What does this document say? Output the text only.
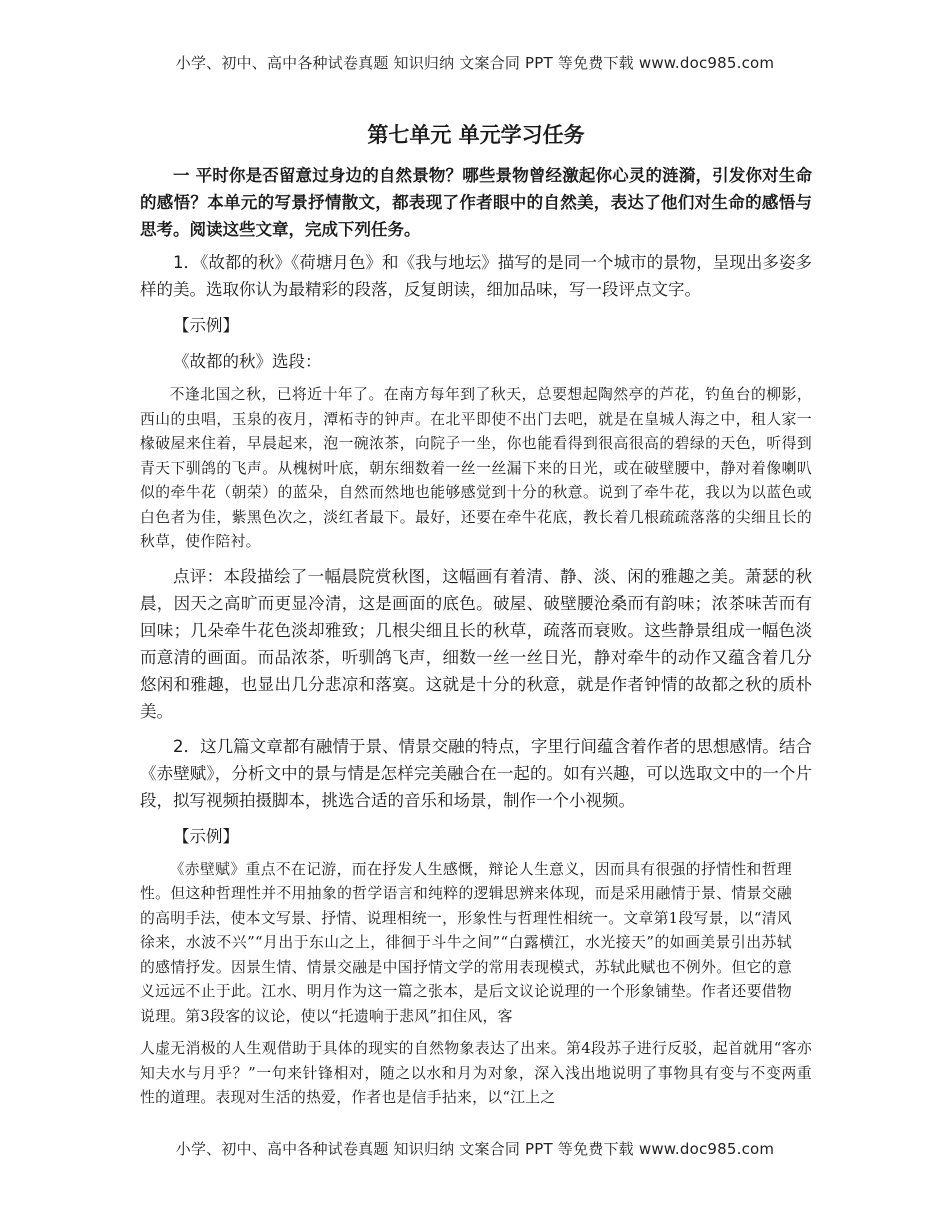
小学、初中、高中各种试卷真题 知识归纳 文案合同 PPT 等免费下载 www.doc985.com
第七单元 单元学习任务

一 平时你是否留意过身边的自然景物？哪些景物曾经激起你心灵的涟漪，引发你对生命的感悟？本单元的写景抒情散文，都表现了作者眼中的自然美，表达了他们对生命的感悟与思考。阅读这些文章，完成下列任务。

1．《故都的秋》《荷塘月色》和《我与地坛》描写的是同一个城市的景物，呈现出多姿多样的美。选取你认为最精彩的段落，反复朗读，细加品味，写一段评点文字。

【示例】
《故都的秋》选段：

不逢北国之秋，已将近十年了。在南方每年到了秋天，总要想起陶然亭的芦花，钓鱼台的柳影，西山的虫唱，玉泉的夜月，潭柘寺的钟声。在北平即使不出门去吧，就是在皇城人海之中，租人家一椽破屋来住着，早晨起来，泡一碗浓茶，向院子一坐，你也能看得到很高很高的碧绿的天色，听得到青天下驯鸽的飞声。从槐树叶底，朝东细数着一丝一丝漏下来的日光，或在破壁腰中，静对着像喇叭似的牵牛花（朝荣）的蓝朵，自然而然地也能够感觉到十分的秋意。说到了牵牛花，我以为以蓝色或白色者为佳，紫黑色次之，淡红者最下。最好，还要在牵牛花底，教长着几根疏疏落落的尖细且长的秋草，使作陪衬。

点评：本段描绘了一幅晨院赏秋图，这幅画有着清、静、淡、闲的雅趣之美。萧瑟的秋晨，因天之高旷而更显冷清，这是画面的底色。破屋、破壁腰沧桑而有韵味；浓茶味苦而有回味；几朵牵牛花色淡却雅致；几根尖细且长的秋草，疏落而衰败。这些静景组成一幅色淡而意清的画面。而品浓茶，听驯鸽飞声，细数一丝一丝日光，静对牵牛的动作又蕴含着几分悠闲和雅趣，也显出几分悲凉和落寞。这就是十分的秋意，就是作者钟情的故都之秋的质朴美。

2．这几篇文章都有融情于景、情景交融的特点，字里行间蕴含着作者的思想感情。结合《赤壁赋》，分析文中的景与情是怎样完美融合在一起的。如有兴趣，可以选取文中的一个片段，拟写视频拍摄脚本，挑选合适的音乐和场景，制作一个小视频。

【示例】

《赤壁赋》重点不在记游，而在抒发人生感慨，辩论人生意义，因而具有很强的抒情性和哲理性。但这种哲理性并不用抽象的哲学语言和纯粹的逻辑思辨来体现，而是采用融情于景、情景交融的高明手法，使本文写景、抒情、说理相统一，形象性与哲理性相统一。文章第1段写景，以“清风徐来，水波不兴”“月出于东山之上，徘徊于斗牛之间”“白露横江，水光接天”的如画美景引出苏轼的感情抒发。因景生情、情景交融是中国抒情文学的常用表现模式，苏轼此赋也不例外。但它的意义远远不止于此。江水、明月作为这一篇之张本，是后文议论说理的一个形象铺垫。作者还要借物说理。第3段客的议论，使以“托遗响于悲风”扣住风，客

人虚无消极的人生观借助于具体的现实的自然物象表达了出来。第4段苏子进行反驳，起首就用“客亦知夫水与月乎？”一句来针锋相对，随之以水和月为对象，深入浅出地说明了事物具有变与不变两重性的道理。表现对生活的热爱，作者也是信手拈来，以“江上之

小学、初中、高中各种试卷真题 知识归纳 文案合同 PPT 等免费下载 www.doc985.com
